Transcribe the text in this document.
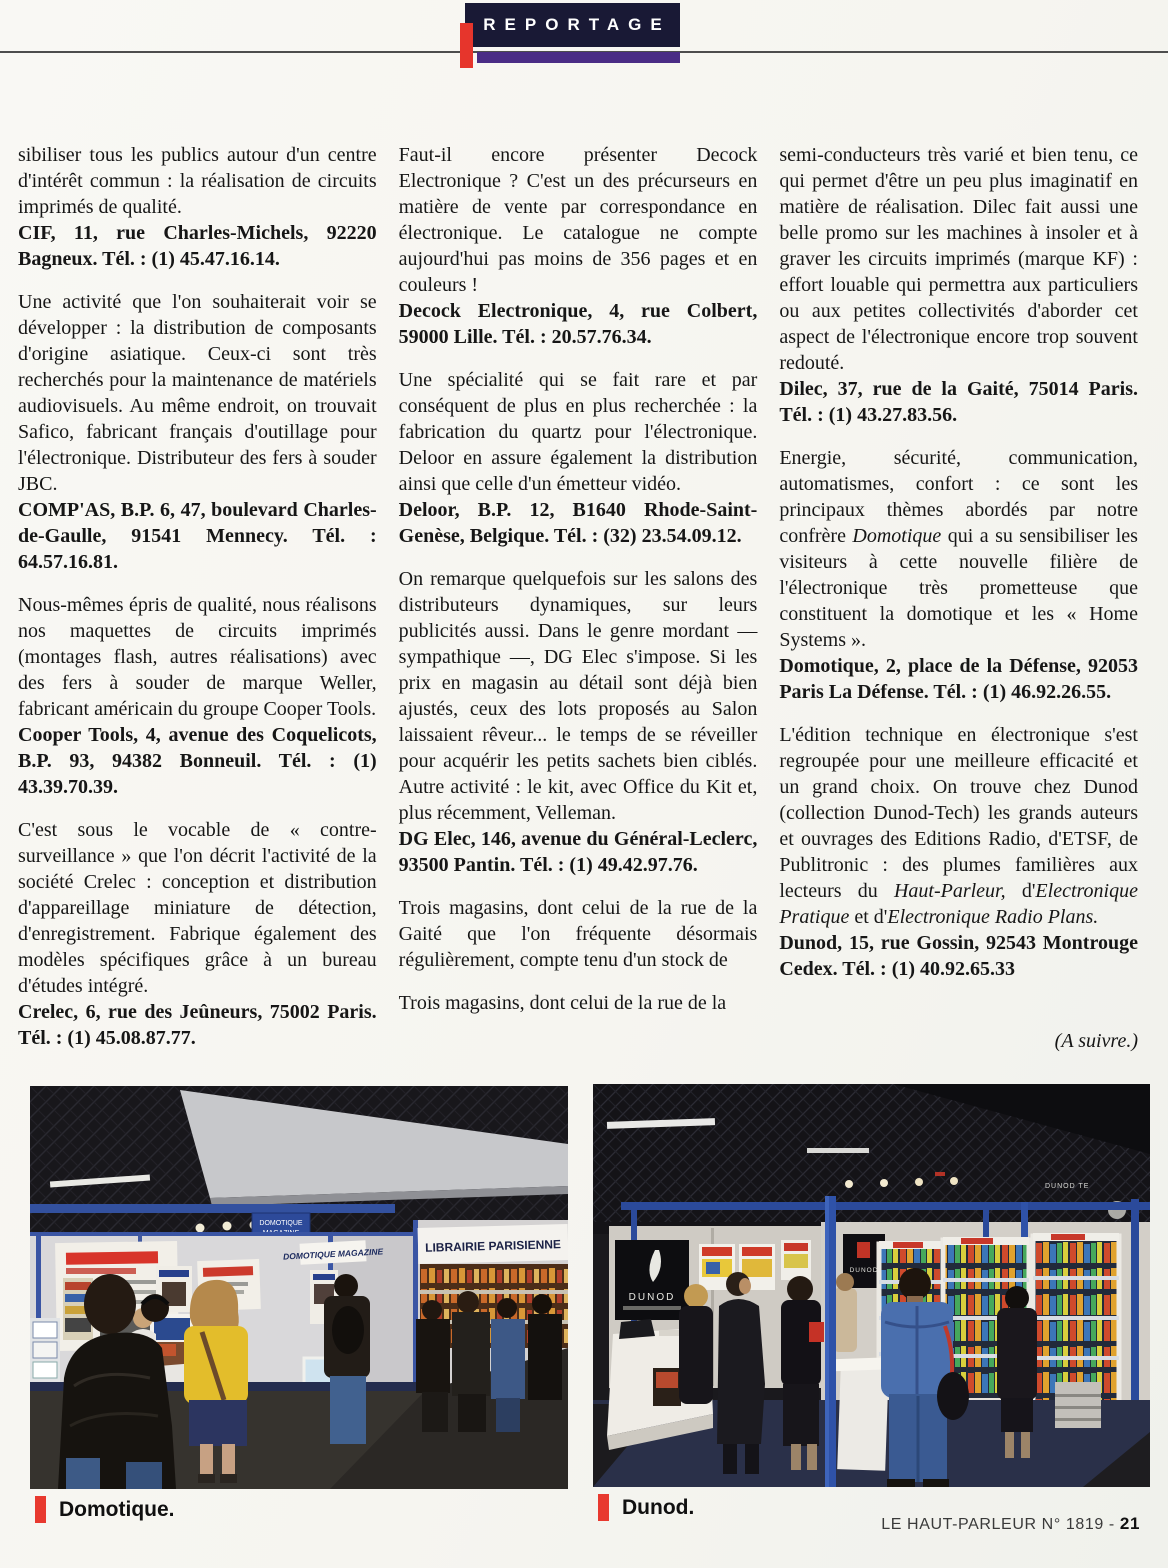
REPORTAGE

sibiliser tous les publics autour d'un centre d'intérêt commun : la réalisation de circuits imprimés de qualité.

CIF, 11, rue Charles-Michels, 92220 Bagneux. Tél. : (1) 45.47.16.14.

Une activité que l'on souhaiterait voir se développer : la distribution de composants d'origine asiatique. Ceux-ci sont très recherchés pour la maintenance de matériels audiovisuels. Au même endroit, on trouvait Safico, fabricant français d'outillage pour l'électronique. Distributeur des fers à souder JBC.

COMP'AS, B.P. 6, 47, boulevard Charles-de-Gaulle, 91541 Mennecy. Tél. : 64.57.16.81.

Nous-mêmes épris de qualité, nous réalisons nos maquettes de circuits imprimés (montages flash, autres réalisations) avec des fers à souder de marque Weller, fabricant américain du groupe Cooper Tools.

Cooper Tools, 4, avenue des Coquelicots, B.P. 93, 94382 Bonneuil. Tél. : (1) 43.39.70.39.

C'est sous le vocable de « contre-surveillance » que l'on décrit l'activité de la société Crelec : conception et distribution d'appareillage miniature de détection, d'enregistrement. Fabrique également des modèles spécifiques grâce à un bureau d'études intégré.

Crelec, 6, rue des Jeûneurs, 75002 Paris. Tél. : (1) 45.08.87.77.

Faut-il encore présenter Decock Electronique ? C'est un des précurseurs en matière de vente par correspondance en électronique. Le catalogue ne compte aujourd'hui pas moins de 356 pages et en couleurs !

Decock Electronique, 4, rue Colbert, 59000 Lille. Tél. : 20.57.76.34.

Une spécialité qui se fait rare et par conséquent de plus en plus recherchée : la fabrication du quartz pour l'électronique. Deloor en assure également la distribution ainsi que celle d'un émetteur vidéo.

Deloor, B.P. 12, B1640 Rhode-Saint-Genèse, Belgique. Tél. : (32) 23.54.09.12.

On remarque quelquefois sur les salons des distributeurs dynamiques, sur leurs publicités aussi. Dans le genre mordant — sympathique —, DG Elec s'impose. Si les prix en magasin au détail sont déjà bien ajustés, ceux des lots proposés au Salon laissaient rêveur... le temps de se réveiller pour acquérir les petits sachets bien ciblés. Autre activité : le kit, avec Office du Kit et, plus récemment, Velleman.

DG Elec, 146, avenue du Général-Leclerc, 93500 Pantin. Tél. : (1) 49.42.97.76.

Trois magasins, dont celui de la rue de la Gaité que l'on fréquente désormais régulièrement, compte tenu d'un stock de

Trois magasins, dont celui de la rue de la

semi-conducteurs très varié et bien tenu, ce qui permet d'être un peu plus imaginatif en matière de réalisation. Dilec fait aussi une belle promo sur les machines à insoler et à graver les circuits imprimés (marque KF) : effort louable qui permettra aux particuliers ou aux petites collectivités d'aborder cet aspect de l'électronique encore trop souvent redouté.

Dilec, 37, rue de la Gaité, 75014 Paris. Tél. : (1) 43.27.83.56.

Energie, sécurité, communication, automatismes, confort : ce sont les principaux thèmes abordés par notre confrère Domotique qui a su sensibiliser les visiteurs à cette nouvelle filière de l'électronique très prometteuse que constituent la domotique et les « Home Systems ».

Domotique, 2, place de la Défense, 92053 Paris La Défense. Tél. : (1) 46.92.26.55.

L'édition technique en électronique s'est regroupée pour une meilleure efficacité et un grand choix. On trouve chez Dunod (collection Dunod-Tech) les grands auteurs et ouvrages des Editions Radio, d'ETSF, de Publitronic : des plumes familières aux lecteurs du Haut-Parleur, d'Electronique Pratique et d'Electronique Radio Plans.

Dunod, 15, rue Gossin, 92543 Montrouge Cedex. Tél. : (1) 40.92.65.33

(A suivre.)

DOMOTIQUE
DOMOTIQUE MAGAZINE	LIBRAIRIE PARISIENNE
DUNOD TE
DUNOD
DUNOD
Domotique.	Dunod.
LE HAUT-PARLEUR N° 1819 - 21
